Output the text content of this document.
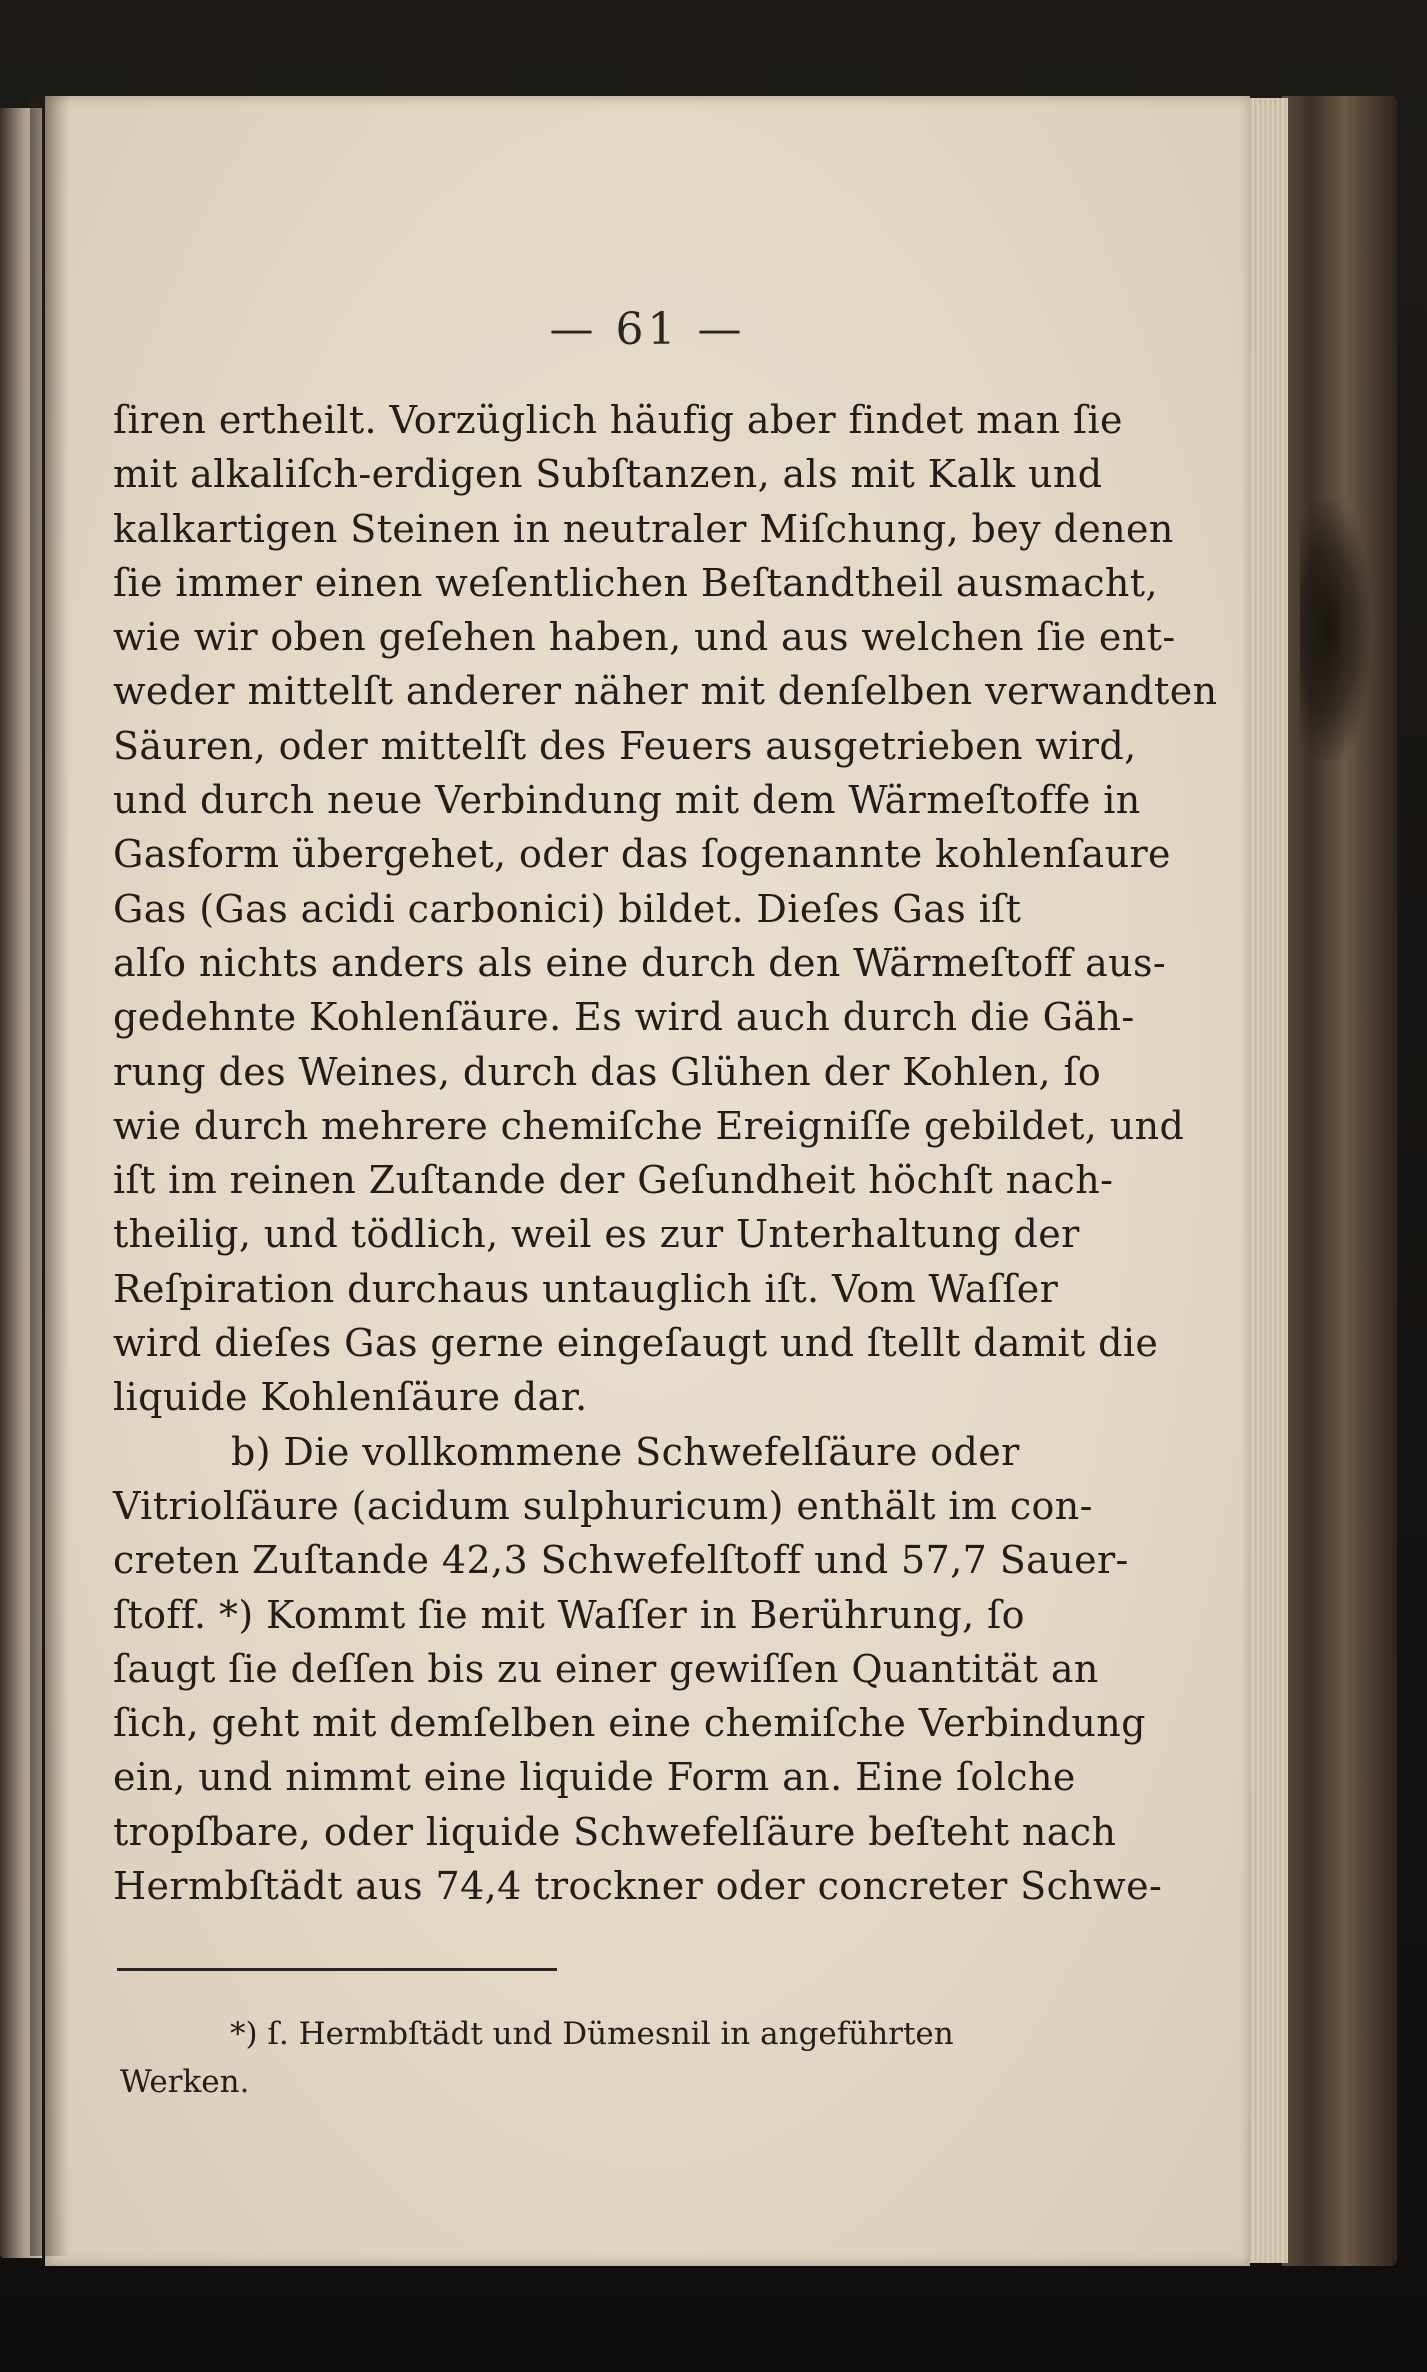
— 61 —
ſiren ertheilt. Vorzüglich häufig aber findet man ſie
mit alkaliſch-erdigen Subſtanzen, als mit Kalk und
kalkartigen Steinen in neutraler Miſchung, bey denen
ſie immer einen weſentlichen Beſtandtheil ausmacht,
wie wir oben geſehen haben, und aus welchen ſie ent-
weder mittelſt anderer näher mit denſelben verwandten
Säuren, oder mittelſt des Feuers ausgetrieben wird,
und durch neue Verbindung mit dem Wärmeſtoffe in
Gasform übergehet, oder das ſogenannte kohlenſaure
Gas (Gas acidi carbonici) bildet. Dieſes Gas iſt
alſo nichts anders als eine durch den Wärmeſtoff aus-
gedehnte Kohlenſäure. Es wird auch durch die Gäh-
rung des Weines, durch das Glühen der Kohlen, ſo
wie durch mehrere chemiſche Ereigniſſe gebildet, und
iſt im reinen Zuſtande der Geſundheit höchſt nach-
theilig, und tödlich, weil es zur Unterhaltung der
Reſpiration durchaus untauglich iſt. Vom Waſſer
wird dieſes Gas gerne eingeſaugt und ſtellt damit die
liquide Kohlenſäure dar.
b) Die vollkommene Schwefelſäure oder
Vitriolſäure (acidum sulphuricum) enthält im con-
creten Zuſtande 42,3 Schwefelſtoff und 57,7 Sauer-
ſtoff. *) Kommt ſie mit Waſſer in Berührung, ſo
ſaugt ſie deſſen bis zu einer gewiſſen Quantität an
ſich, geht mit demſelben eine chemiſche Verbindung
ein, und nimmt eine liquide Form an. Eine ſolche
tropſbare, oder liquide Schwefelſäure beſteht nach
Hermbſtädt aus 74,4 trockner oder concreter Schwe-
*) ſ. Hermbſtädt und Dümesnil in angeführten
Werken.
